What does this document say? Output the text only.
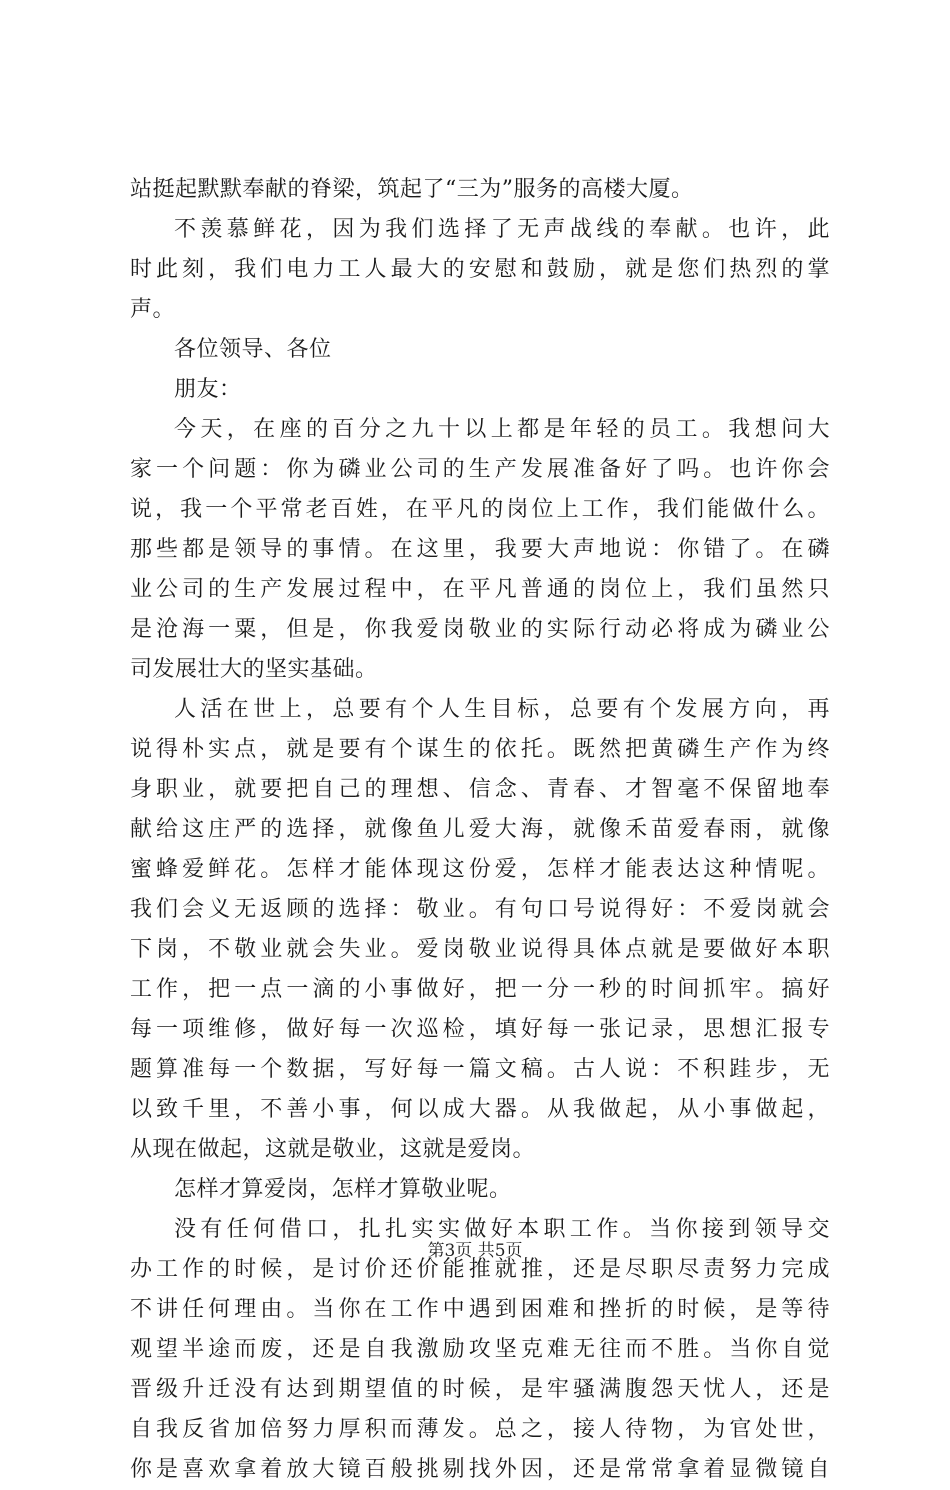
站挺起默默奉献的脊梁，筑起了“三为”服务的高楼大厦。
不羡慕鲜花，因为我们选择了无声战线的奉献。也许，此
时此刻，我们电力工人最大的安慰和鼓励，就是您们热烈的掌
声。
各位领导、各位
朋友：
今天，在座的百分之九十以上都是年轻的员工。我想问大
家一个问题：你为磷业公司的生产发展准备好了吗。也许你会
说，我一个平常老百姓，在平凡的岗位上工作，我们能做什么。
那些都是领导的事情。在这里，我要大声地说：你错了。在磷
业公司的生产发展过程中，在平凡普通的岗位上，我们虽然只
是沧海一粟，但是，你我爱岗敬业的实际行动必将成为磷业公
司发展壮大的坚实基础。
人活在世上，总要有个人生目标，总要有个发展方向，再
说得朴实点，就是要有个谋生的依托。既然把黄磷生产作为终
身职业，就要把自己的理想、信念、青春、才智毫不保留地奉
献给这庄严的选择，就像鱼儿爱大海，就像禾苗爱春雨，就像
蜜蜂爱鲜花。怎样才能体现这份爱，怎样才能表达这种情呢。
我们会义无返顾的选择：敬业。有句口号说得好：不爱岗就会
下岗，不敬业就会失业。爱岗敬业说得具体点就是要做好本职
工作，把一点一滴的小事做好，把一分一秒的时间抓牢。搞好
每一项维修，做好每一次巡检，填好每一张记录，思想汇报专
题算准每一个数据，写好每一篇文稿。古人说：不积跬步，无
以致千里，不善小事，何以成大器。从我做起，从小事做起，
从现在做起，这就是敬业，这就是爱岗。
怎样才算爱岗，怎样才算敬业呢。
没有任何借口，扎扎实实做好本职工作。当你接到领导交
办工作的时候，是讨价还价能推就推，还是尽职尽责努力完成
不讲任何理由。当你在工作中遇到困难和挫折的时候，是等待
观望半途而废，还是自我激励攻坚克难无往而不胜。当你自觉
晋级升迁没有达到期望值的时候，是牢骚满腹怨天忧人，还是
自我反省加倍努力厚积而薄发。总之，接人待物，为官处世，
你是喜欢拿着放大镜百般挑剔找外因，还是常常拿着显微镜自
第3页 共5页
